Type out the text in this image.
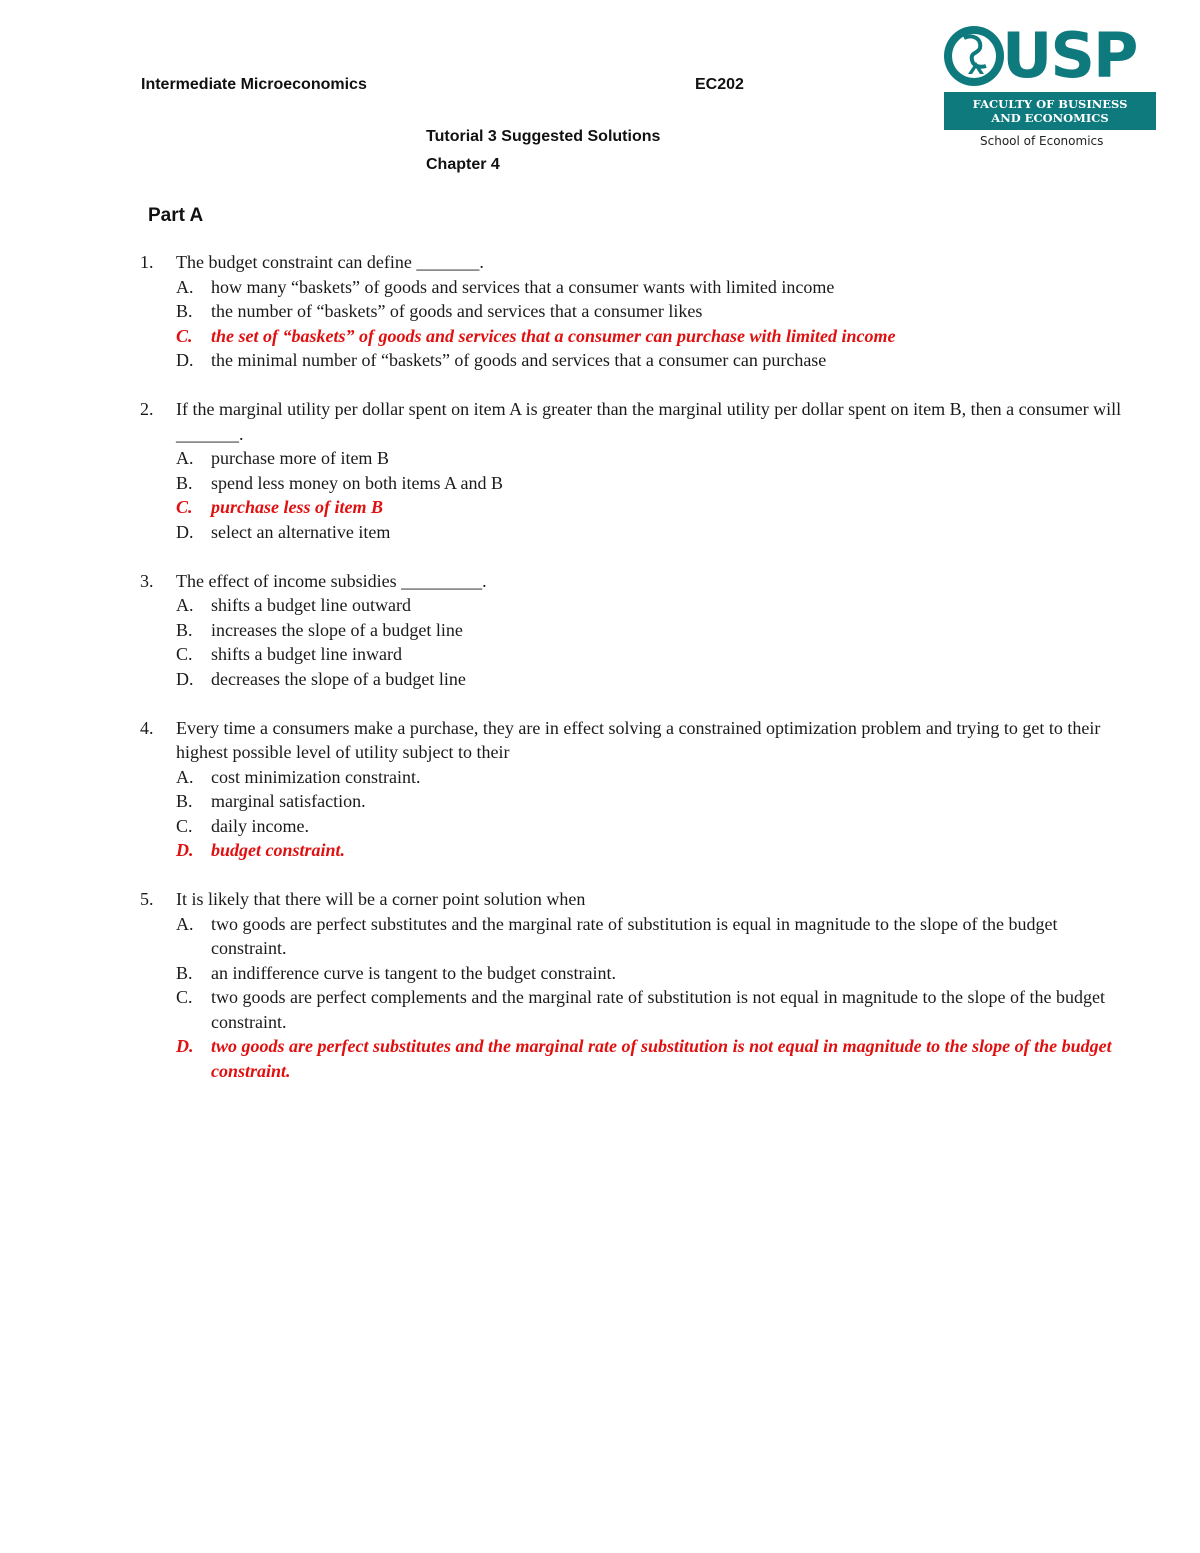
Intermediate Microeconomics	EC202
Tutorial 3 Suggested Solutions
Chapter 4
USP
FACULTY OF BUSINESS
AND ECONOMICS
School of Economics
Part A
1.	The budget constraint can define _______.
A. how many “baskets” of goods and services that a consumer wants with limited income
B.	the number of “baskets” of goods and services that a consumer likes
C.	the set of “baskets” of goods and services that a consumer can purchase with limited income
D. the minimal number of “baskets” of goods and services that a consumer can purchase
2.	If the marginal utility per dollar spent on item A is greater than the marginal utility per dollar spent on item B, then a consumer will _______.
A. purchase more of item B
B.	spend less money on both items A and B
C.	purchase less of item B
D. select an alternative item
3.	The effect of income subsidies _________.
A. shifts a budget line outward
B.	increases the slope of a budget line
C.	shifts a budget line inward
D. decreases the slope of a budget line
4.	Every time a consumers make a purchase, they are in effect solving a constrained optimization problem and trying to get to their highest possible level of utility subject to their
A. cost minimization constraint.
B.	marginal satisfaction.
C.	daily income.
D. budget constraint.
5.	It is likely that there will be a corner point solution when
A. two goods are perfect substitutes and the marginal rate of substitution is equal in magnitude to the slope of the budget constraint.
B.	an indifference curve is tangent to the budget constraint.
C.	two goods are perfect complements and the marginal rate of substitution is not equal in magnitude to the slope of the budget constraint.
D. two goods are perfect substitutes and the marginal rate of substitution is not equal in magnitude to the slope of the budget constraint.
